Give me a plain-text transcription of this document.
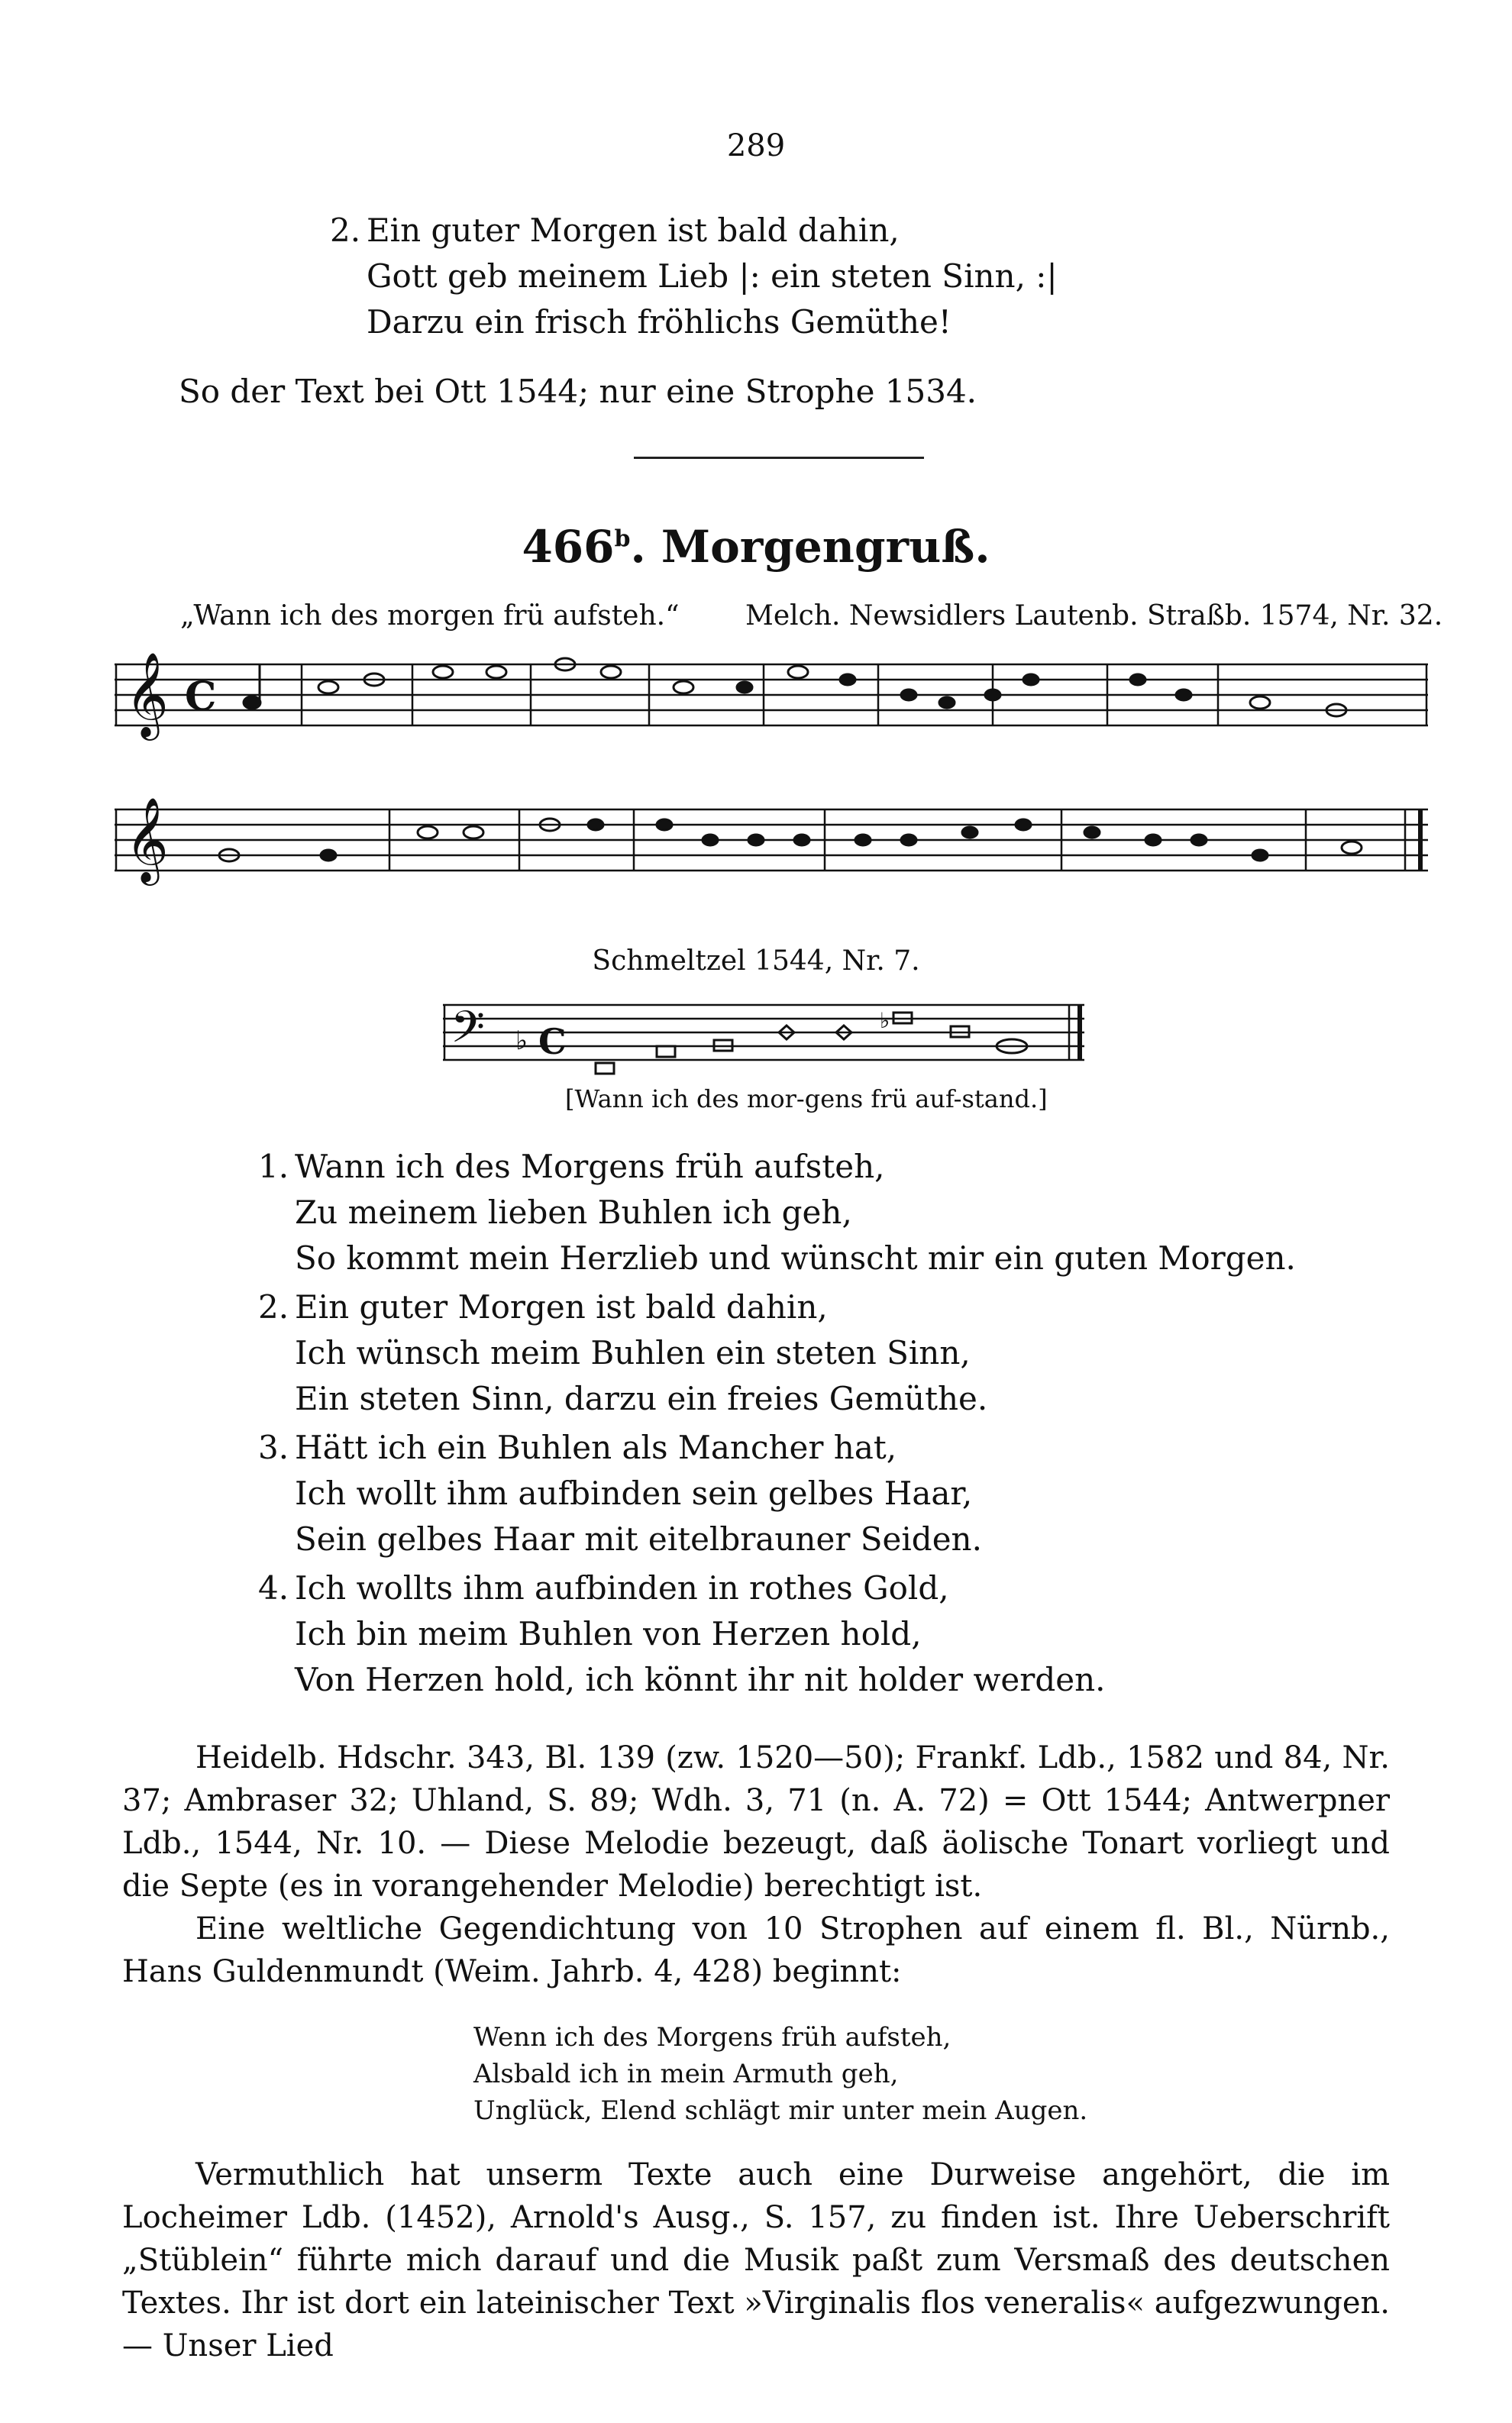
289
2. Ein guter Morgen ist bald dahin,
Gott geb meinem Lieb |: ein steten Sinn, :|
Darzu ein frisch fröhlichs Gemüthe!
So der Text bei Ott 1544; nur eine Strophe 1534.
466$^b$. Morgengruß.
„Wann ich des morgen frü aufsteh.“ Melch. Newsidlers Lautenb. Straßb. 1574, Nr. 32.
𝄞 C
𝄞
Schmeltzel 1544, Nr. 7.
𝄢 ♭ C
♭
[Wann ich des mor-gens frü auf-stand.]
1. Wann ich des Morgens früh aufsteh,
Zu meinem lieben Buhlen ich geh,
So kommt mein Herzlieb und wünscht mir ein guten Morgen.
2. Ein guter Morgen ist bald dahin,
Ich wünsch meim Buhlen ein steten Sinn,
Ein steten Sinn, darzu ein freies Gemüthe.
3. Hätt ich ein Buhlen als Mancher hat,
Ich wollt ihm aufbinden sein gelbes Haar,
Sein gelbes Haar mit eitelbrauner Seiden.
4. Ich wollts ihm aufbinden in rothes Gold,
Ich bin meim Buhlen von Herzen hold,
Von Herzen hold, ich könnt ihr nit holder werden.

Heidelb. Hdschr. 343, Bl. 139 (zw. 1520—50); Frankf. Ldb., 1582 und 84, Nr. 37; Ambraser 32; Uhland, S. 89; Wdh. 3, 71 (n. A. 72) = Ott 1544; Antwerpner Ldb., 1544, Nr. 10. — Diese Melodie bezeugt, daß äolische Tonart vorliegt und die Septe (es in vorangehender Melodie) berechtigt ist.

Eine weltliche Gegendichtung von 10 Strophen auf einem fl. Bl., Nürnb., Hans Guldenmundt (Weim. Jahrb. 4, 428) beginnt:

Wenn ich des Morgens früh aufsteh,
Alsbald ich in mein Armuth geh,
Unglück, Elend schlägt mir unter mein Augen.

Vermuthlich hat unserm Texte auch eine Durweise angehört, die im Locheimer Ldb. (1452), Arnold's Ausg., S. 157, zu finden ist. Ihre Ueberschrift „Stüblein“ führte mich darauf und die Musik paßt zum Versmaß des deutschen Textes. Ihr ist dort ein lateinischer Text »Virginalis flos veneralis« aufgezwungen. — Unser Lied
